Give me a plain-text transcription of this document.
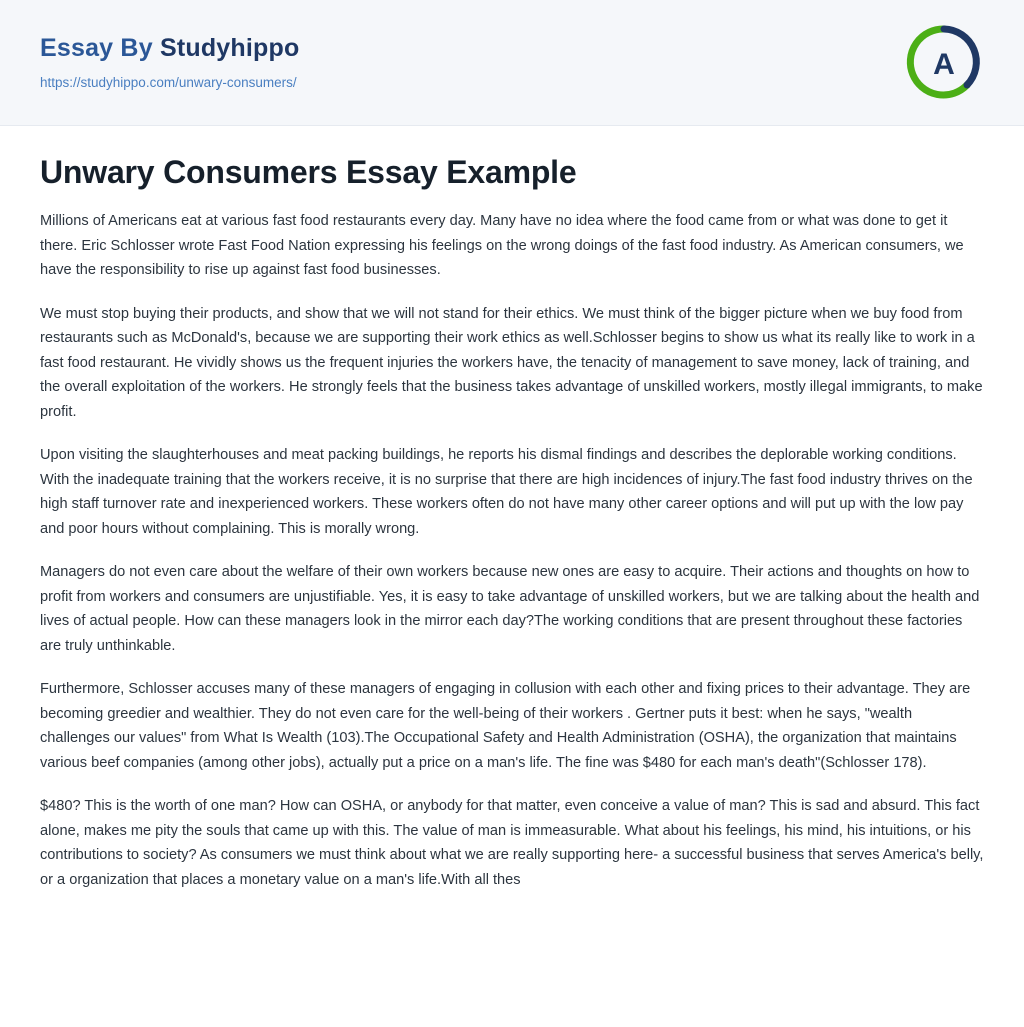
Essay By Studyhippo
https://studyhippo.com/unwary-consumers/
A
Unwary Consumers Essay Example

Millions of Americans eat at various fast food restaurants every day. Many have no idea where the food came from or what was done to get it there. Eric Schlosser wrote Fast Food Nation expressing his feelings on the wrong doings of the fast food industry. As American consumers, we have the responsibility to rise up against fast food businesses.

We must stop buying their products, and show that we will not stand for their ethics. We must think of the bigger picture when we buy food from restaurants such as McDonald's, because we are supporting their work ethics as well.Schlosser begins to show us what its really like to work in a fast food restaurant. He vividly shows us the frequent injuries the workers have, the tenacity of management to save money, lack of training, and the overall exploitation of the workers. He strongly feels that the business takes advantage of unskilled workers, mostly illegal immigrants, to make profit.

Upon visiting the slaughterhouses and meat packing buildings, he reports his dismal findings and describes the deplorable working conditions. With the inadequate training that the workers receive, it is no surprise that there are high incidences of injury.The fast food industry thrives on the high staff turnover rate and inexperienced workers. These workers often do not have many other career options and will put up with the low pay and poor hours without complaining. This is morally wrong.

Managers do not even care about the welfare of their own workers because new ones are easy to acquire. Their actions and thoughts on how to profit from workers and consumers are unjustifiable. Yes, it is easy to take advantage of unskilled workers, but we are talking about the health and lives of actual people. How can these managers look in the mirror each day?The working conditions that are present throughout these factories are truly unthinkable.

Furthermore, Schlosser accuses many of these managers of engaging in collusion with each other and fixing prices to their advantage. They are becoming greedier and wealthier. They do not even care for the well-being of their workers . Gertner puts it best: when he says, "wealth challenges our values" from What Is Wealth (103).The Occupational Safety and Health Administration (OSHA), the organization that maintains various beef companies (among other jobs), actually put a price on a man's life. The fine was $480 for each man's death"(Schlosser 178).

$480? This is the worth of one man? How can OSHA, or anybody for that matter, even conceive a value of man? This is sad and absurd. This fact alone, makes me pity the souls that came up with this. The value of man is immeasurable. What about his feelings, his mind, his intuitions, or his contributions to society? As consumers we must think about what we are really supporting here- a successful business that serves America's belly, or a organization that places a monetary value on a man's life.With all thes
